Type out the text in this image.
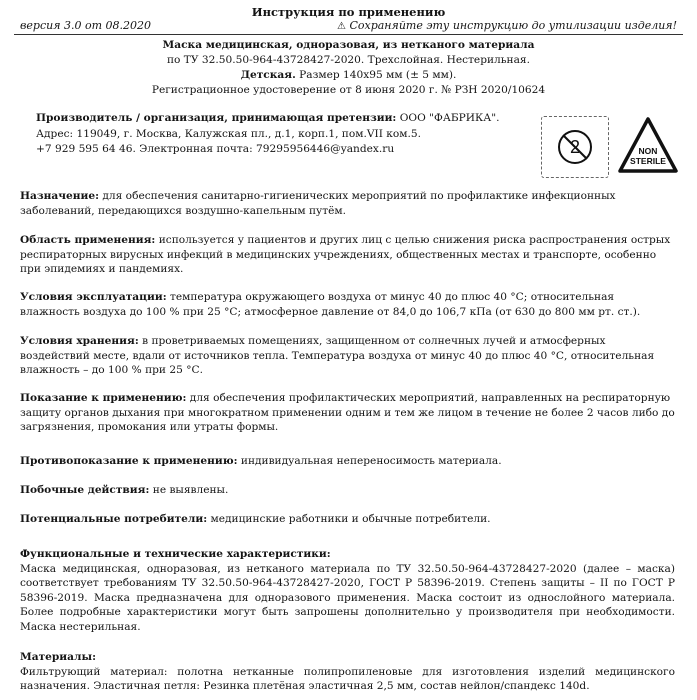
Инструкция по применению
версия 3.0 от 08.2020	⚠ Сохраняйте эту инструкцию до утилизации изделия!
Маска медицинская, одноразовая, из нетканого материала
по ТУ 32.50.50-964-43728427-2020. Трехслойная. Нестерильная.
Детская. Размер 140х95 мм (± 5 мм).
Регистрационное удостоверение от 8 июня 2020 г. № РЗН 2020/10624
Производитель / организация, принимающая претензии: ООО "ФАБРИКА".
Адрес: 119049, г. Москва, Калужская пл., д.1, корп.1, пом.VII ком.5.
+7 929 595 64 46. Электронная почта: 79295956446@yandex.ru	2	NON
STERILE
Назначение: для обеспечения санитарно-гигиенических мероприятий по профилактике инфекционных заболеваний, передающихся воздушно-капельным путём.
Область применения: используется у пациентов и других лиц с целью снижения риска распространения острых респираторных вирусных инфекций в медицинских учреждениях, общественных местах и транспорте, особенно при эпидемиях и пандемиях.
Условия эксплуатации: температура окружающего воздуха от минус 40 до плюс 40 °С; относительная влажность воздуха до 100 % при 25 °С; атмосферное давление от 84,0 до 106,7 кПа (от 630 до 800 мм рт. ст.).
Условия хранения: в проветриваемых помещениях, защищенном от солнечных лучей и атмосферных воздействий месте, вдали от источников тепла. Температура воздуха от минус 40 до плюс 40 °С, относительная влажность – до 100 % при 25 °С.
Показание к применению: для обеспечения профилактических мероприятий, направленных на респираторную защиту органов дыхания при многократном применении одним и тем же лицом в течение не более 2 часов либо до загрязнения, промокания или утраты формы.
Противопоказание к применению: индивидуальная непереносимость материала.
Побочные действия: не выявлены.
Потенциальные потребители: медицинские работники и обычные потребители.
Функциональные и технические характеристики:
Маска медицинская, одноразовая, из нетканого материала по ТУ 32.50.50-964-43728427-2020 (далее – маска) соответствует требованиям ТУ 32.50.50-964-43728427-2020, ГОСТ Р 58396-2019. Степень защиты – II по ГОСТ Р 58396-2019. Маска предназначена для одноразового применения. Маска состоит из однослойного материала. Более подробные характеристики могут быть запрошены дополнительно у производителя при необходимости. Маска нестерильная.
Материалы:
Фильтрующий материал: полотна нетканные полипропиленовые для изготовления изделий медицинского назначения. Эластичная петля: Резинка плетёная эластичная 2,5 мм, состав нейлон/спандекс 140d.
